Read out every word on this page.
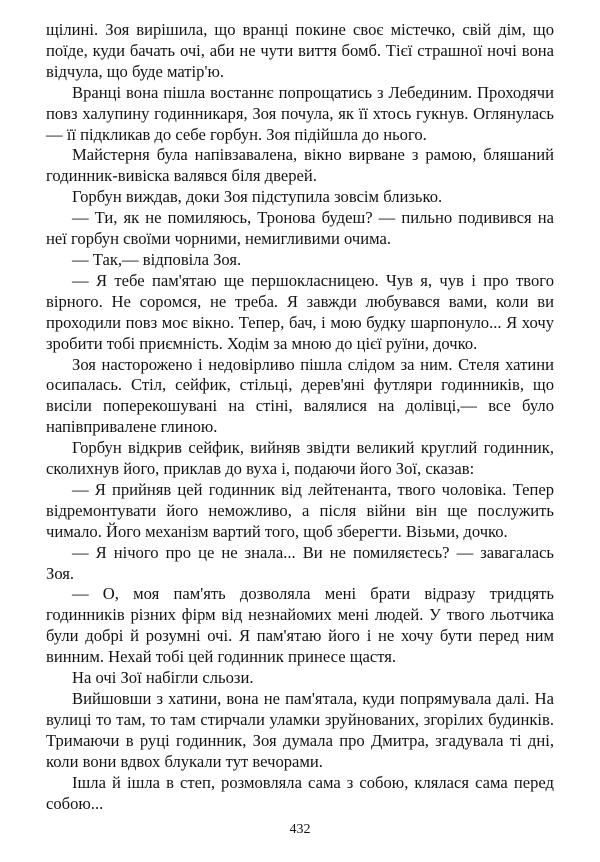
щілині. Зоя вирішила, що вранці покине своє містечко, свій дім, що поїде, куди бачать очі, аби не чути виття бомб. Тієї страшної ночі вона відчула, що буде матір'ю.

Вранці вона пішла востаннє попрощатись з Лебединим. Проходячи повз халупину годинникаря, Зоя почула, як її хтось гукнув. Оглянулась — її підкликав до себе горбун. Зоя підійшла до нього.

Майстерня була напівзавалена, вікно вирване з рамою, бляшаний годинник-вивіска валявся біля дверей.

Горбун виждав, доки Зоя підступила зовсім близько.

— Ти, як не помиляюсь, Тронова будеш? — пильно подивився на неї горбун своїми чорними, немигливими очима.

— Так,— відповіла Зоя.

— Я тебе пам'ятаю ще першокласницею. Чув я, чув і про твого вірного. Не соромся, не треба. Я завжди любувався вами, коли ви проходили повз моє вікно. Тепер, бач, і мою будку шарпонуло... Я хочу зробити тобі приємність. Ходім за мною до цієї руїни, дочко.

Зоя насторожено і недовірливо пішла слідом за ним. Стеля хатини осипалась. Стіл, сейфик, стільці, дерев'яні футляри годинників, що висіли поперекошувані на стіні, валялися на долівці,— все було напівпривалене глиною.

Горбун відкрив сейфик, вийняв звідти великий круглий годинник, сколихнув його, приклав до вуха і, подаючи його Зої, сказав:

— Я прийняв цей годинник від лейтенанта, твого чоловіка. Тепер відремонтувати його неможливо, а після війни він ще послужить чимало. Його механізм вартий того, щоб зберегти. Візьми, дочко.

— Я нічого про це не знала... Ви не помиляєтесь? — завагалась Зоя.

— О, моя пам'ять дозволяла мені брати відразу тридцять годинників різних фірм від незнайомих мені людей. У твого льотчика були добрі й розумні очі. Я пам'ятаю його і не хочу бути перед ним винним. Нехай тобі цей годинник принесе щастя.

На очі Зої набігли сльози.

Вийшовши з хатини, вона не пам'ятала, куди попрямувала далі. На вулиці то там, то там стирчали уламки зруйнованих, згорілих будинків. Тримаючи в руці годинник, Зоя думала про Дмитра, згадувала ті дні, коли вони вдвох блукали тут вечорами.

Ішла й ішла в степ, розмовляла сама з собою, клялася сама перед собою...

432
